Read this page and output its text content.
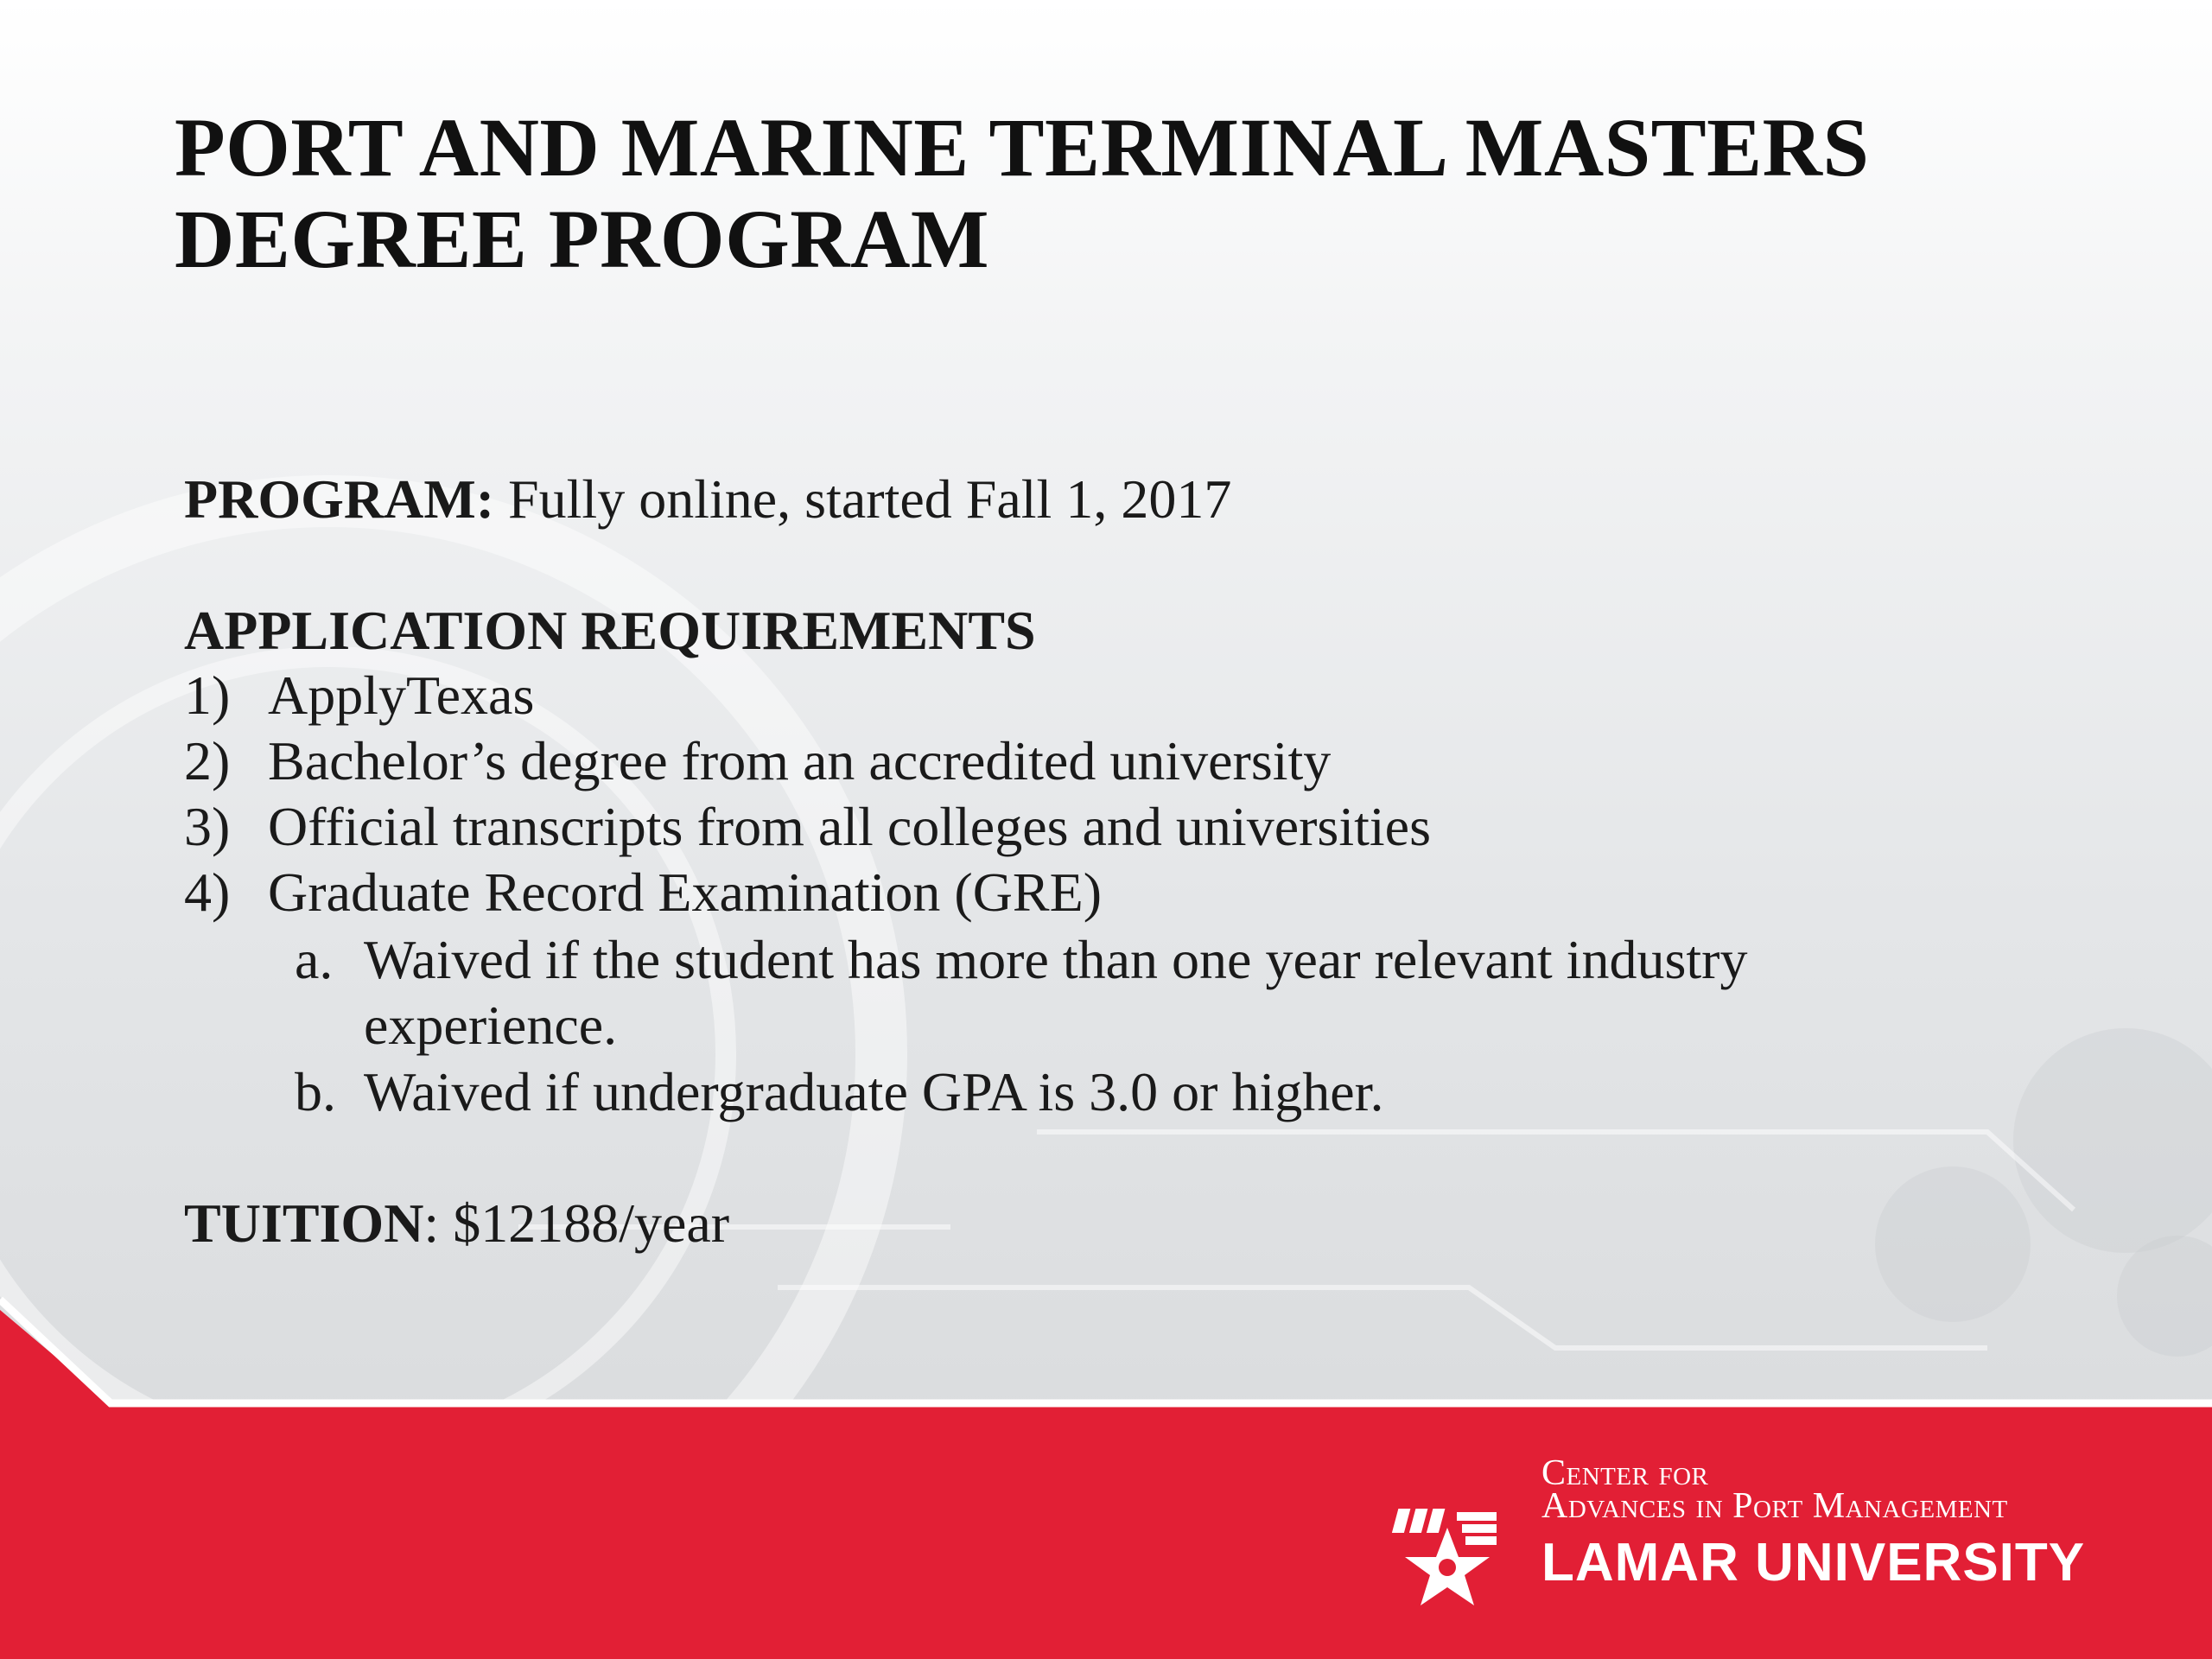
PORT AND MARINE TERMINAL MASTERS
DEGREE PROGRAM
PROGRAM: Fully online, started Fall 1, 2017
APPLICATION REQUIREMENTS
1) ApplyTexas
2) Bachelor’s degree from an accredited university
3) Official transcripts from all colleges and universities
4) Graduate Record Examination (GRE)
a. Waived if the student has more than one year relevant industry
experience.
b. Waived if undergraduate GPA is 3.0 or higher.
TUITION: $12188/year
Center for
Advances in Port Management
LAMAR UNIVERSITY
